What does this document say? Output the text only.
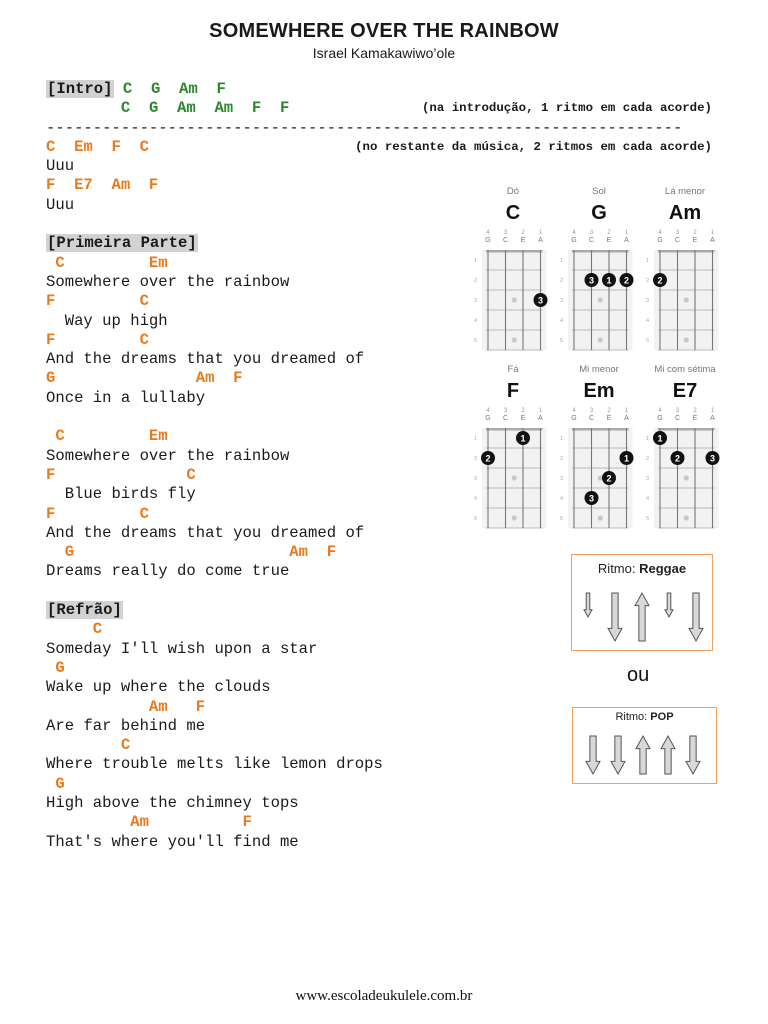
SOMEWHERE OVER THE RAINBOW
Israel Kamakawiwo’ole
[Intro] C  G  Am  F
C  G  Am  Am  F  F	(na introdução, 1 ritmo em cada acorde)
--------------------------------------------------------------------
C  Em  F  C	(no restante da música, 2 ritmos em cada acorde)
Uuu
F  E7  Am  F
Uuu
[Primeira Parte]
C         Em
Somewhere over the rainbow
F         C
Way up high
F         C
And the dreams that you dreamed of
G               Am  F
Once in a lullaby
C         Em
Somewhere over the rainbow
F              C
Blue birds fly
F         C
And the dreams that you dreamed of
G                       Am  F
Dreams really do come true
[Refrão]
C
Someday I'll wish upon a star
G
Wake up where the clouds
Am   F
Are far behind me
C
Where trouble melts like lemon drops
G
High above the chimney tops
Am          F
That's where you'll find me
Dó
C
4
G
3
C
2
E
1
A
1
2
3
4
5
3
Sol
G
4
G
3
C
2
E
1
A
1
2
3
4
5
3 1 2
Lá menor
Am
4
G
3
C
2
E
1
A
1
2
3
4
5
2
Fá
F
4
G
3
C
2
E
1
A
1
2
3
4
5
2
1
Mi menor
Em
4
G
3
C
2
E
1
A
1
2
3
4
5
3
2
1
Mi com sétima
E7
4
G
3
C
2
E
1
A
1
2
3
4
5
1
2	3
Ritmo: Reggae
ou
Ritmo: POP
www.escoladeukulele.com.br
